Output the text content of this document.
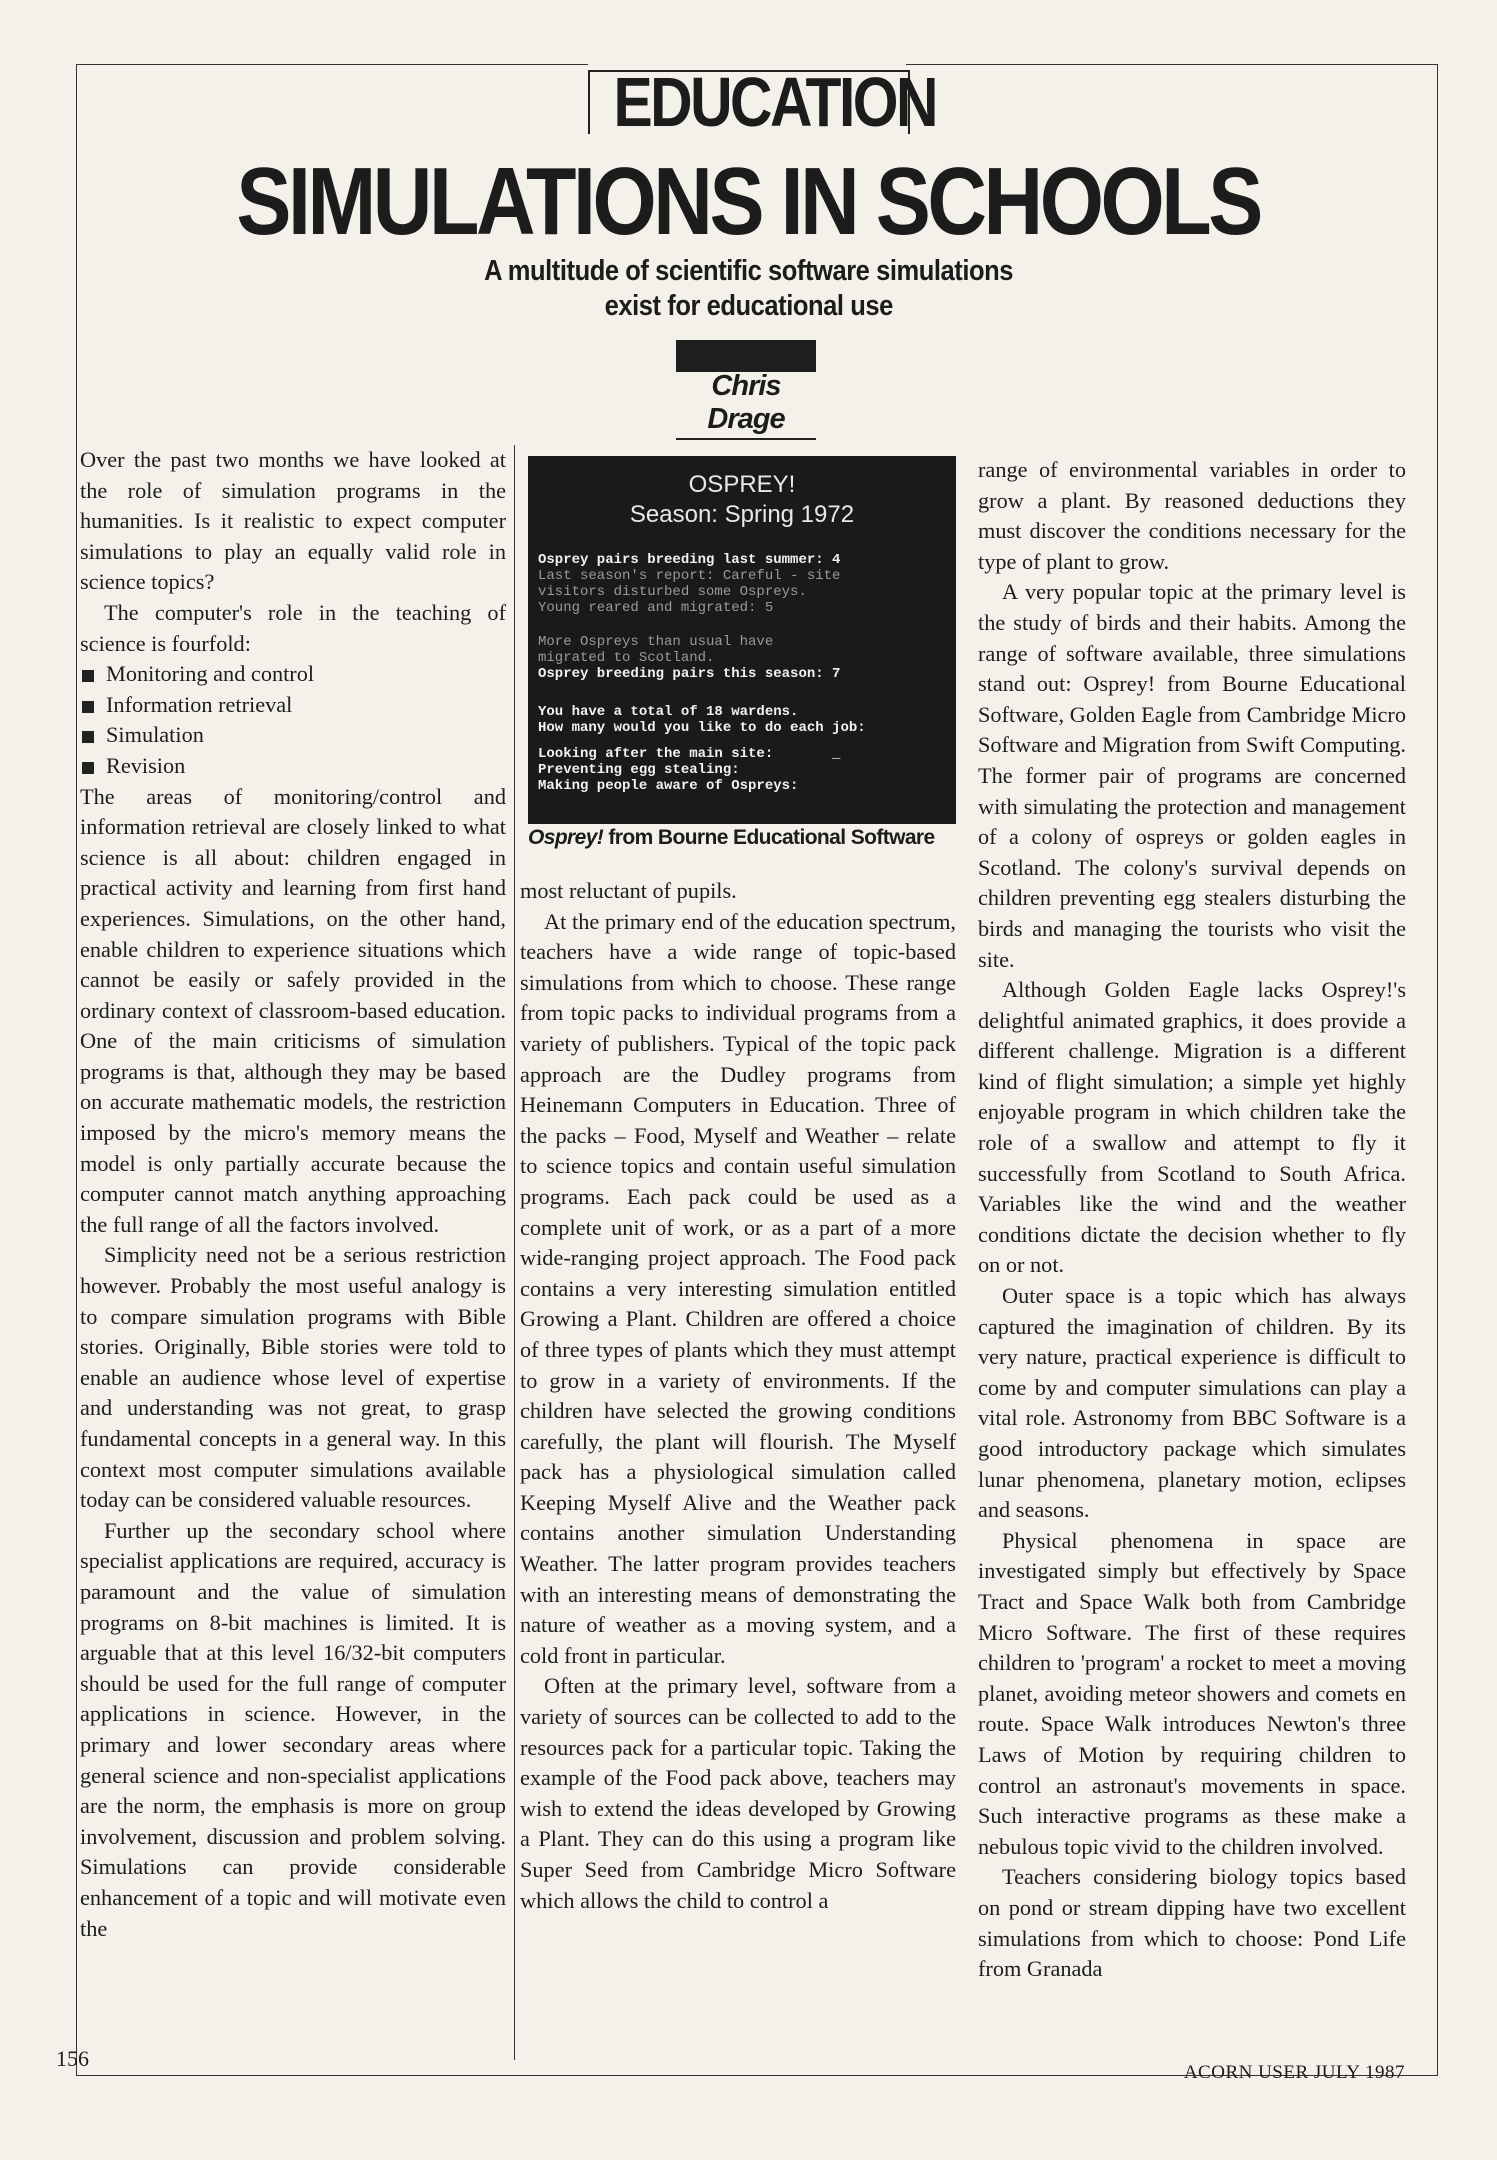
EDUCATION
SIMULATIONS IN SCHOOLS
A multitude of scientific software simulations
exist for educational use
Chris Drage

Over the past two months we have looked at the role of simulation programs in the humanities. Is it realistic to expect computer simulations to play an equally valid role in science topics?

The computer's role in the teaching of science is fourfold:

Monitoring and control
Information retrieval
Simulation
Revision

The areas of monitoring/control and information retrieval are closely linked to what science is all about: children engaged in practical activity and learning from first hand experiences. Simulations, on the other hand, enable children to experience situations which cannot be easily or safely provided in the ordinary context of classroom-based education. One of the main criticisms of simulation programs is that, although they may be based on accurate mathematic models, the restriction imposed by the micro's memory means the model is only partially accurate because the computer cannot match anything approaching the full range of all the factors involved.

Simplicity need not be a serious restriction however. Probably the most useful analogy is to compare simulation programs with Bible stories. Originally, Bible stories were told to enable an audience whose level of expertise and understanding was not great, to grasp fundamental concepts in a general way. In this context most computer simulations available today can be considered valuable resources.

Further up the secondary school where specialist applications are required, accuracy is paramount and the value of simulation programs on 8-bit machines is limited. It is arguable that at this level 16/32-bit computers should be used for the full range of computer applications in science. However, in the primary and lower secondary areas where general science and non-specialist applications are the norm, the emphasis is more on group involvement, discussion and problem solving. Simulations can provide considerable enhancement of a topic and will motivate even the

OSPREY!
Season: Spring 1972
Osprey pairs breeding last summer: 4
Last season's report: Careful - site
visitors disturbed some Ospreys.
Young reared and migrated: 5
More Ospreys than usual have
migrated to Scotland.
Osprey breeding pairs this season: 7
You have a total of 18 wardens.
How many would you like to do each job:
Looking after the main site:       _
Preventing egg stealing:
Making people aware of Ospreys:
Osprey! from Bourne Educational Software

most reluctant of pupils.

At the primary end of the education spectrum, teachers have a wide range of topic-based simulations from which to choose. These range from topic packs to individual programs from a variety of publishers. Typical of the topic pack approach are the Dudley programs from Heinemann Computers in Education. Three of the packs – Food, Myself and Weather – relate to science topics and contain useful simulation programs. Each pack could be used as a complete unit of work, or as a part of a more wide-ranging project approach. The Food pack contains a very interesting simulation entitled Growing a Plant. Children are offered a choice of three types of plants which they must attempt to grow in a variety of environments. If the children have selected the growing conditions carefully, the plant will flourish. The Myself pack has a physiological simulation called Keeping Myself Alive and the Weather pack contains another simulation Understanding Weather. The latter program provides teachers with an interesting means of demonstrating the nature of weather as a moving system, and a cold front in particular.

Often at the primary level, software from a variety of sources can be collected to add to the resources pack for a particular topic. Taking the example of the Food pack above, teachers may wish to extend the ideas developed by Growing a Plant. They can do this using a program like Super Seed from Cambridge Micro Software which allows the child to control a

range of environmental variables in order to grow a plant. By reasoned deductions they must discover the conditions necessary for the type of plant to grow.

A very popular topic at the primary level is the study of birds and their habits. Among the range of software available, three simulations stand out: Osprey! from Bourne Educational Software, Golden Eagle from Cambridge Micro Software and Migration from Swift Computing. The former pair of programs are concerned with simulating the protection and management of a colony of ospreys or golden eagles in Scotland. The colony's survival depends on children preventing egg stealers disturbing the birds and managing the tourists who visit the site.

Although Golden Eagle lacks Osprey!'s delightful animated graphics, it does provide a different challenge. Migration is a different kind of flight simulation; a simple yet highly enjoyable program in which children take the role of a swallow and attempt to fly it successfully from Scotland to South Africa. Variables like the wind and the weather conditions dictate the decision whether to fly on or not.

Outer space is a topic which has always captured the imagination of children. By its very nature, practical experience is difficult to come by and computer simulations can play a vital role. Astronomy from BBC Software is a good introductory package which simulates lunar phenomena, planetary motion, eclipses and seasons.

Physical phenomena in space are investigated simply but effectively by Space Tract and Space Walk both from Cambridge Micro Software. The first of these requires children to 'program' a rocket to meet a moving planet, avoiding meteor showers and comets en route. Space Walk introduces Newton's three Laws of Motion by requiring children to control an astronaut's movements in space. Such interactive programs as these make a nebulous topic vivid to the children involved.

Teachers considering biology topics based on pond or stream dipping have two excellent simulations from which to choose: Pond Life from Granada

156
ACORN USER JULY 1987
